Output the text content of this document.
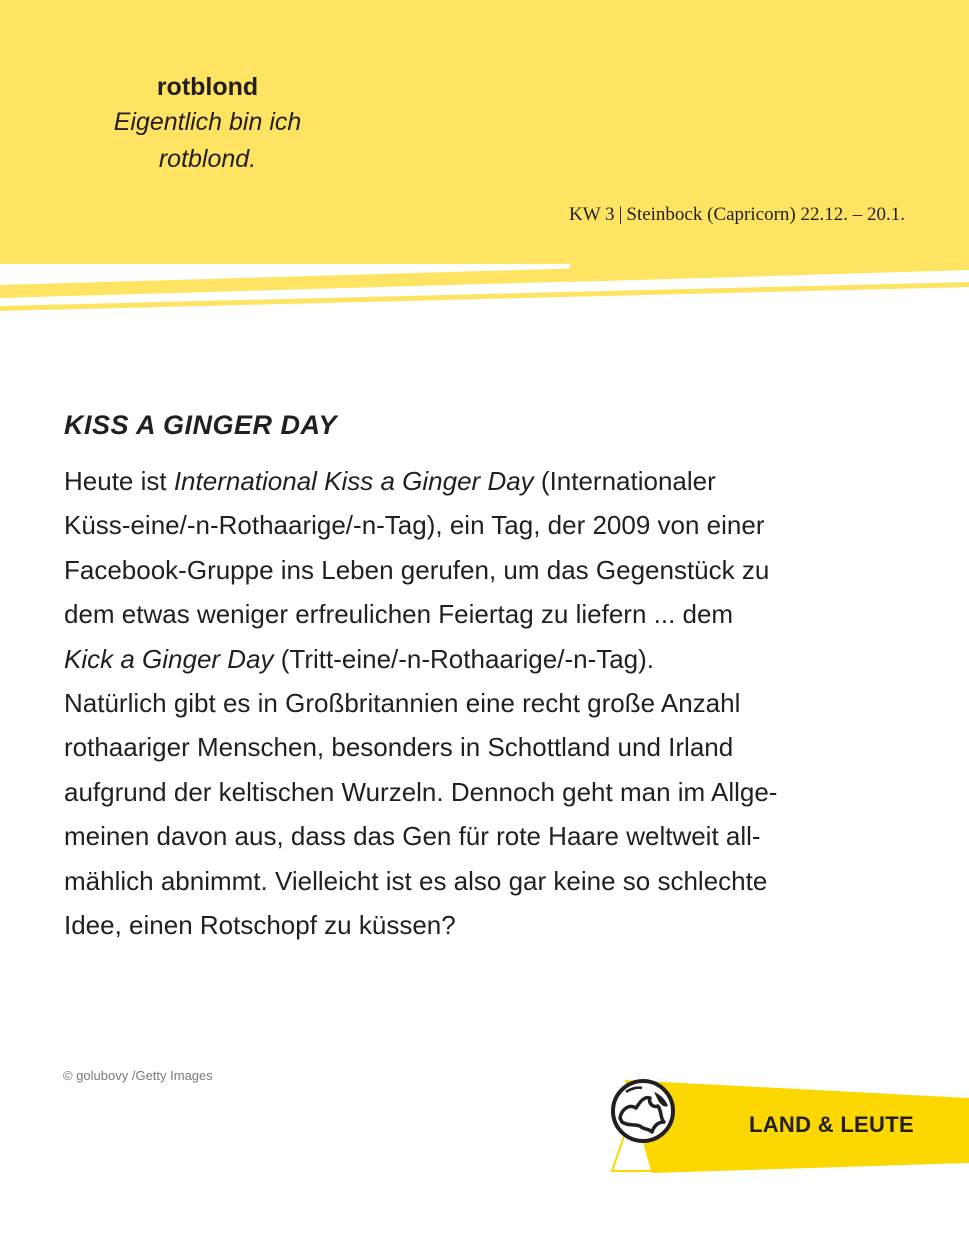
rotblond
Eigentlich bin ich
rotblond.
KW 3 | Steinbock (Capricorn) 22.12. – 20.1.
KISS A GINGER DAY
Heute ist International Kiss a Ginger Day (Internationaler
Küss-eine/-n-Rothaarige/-n-Tag), ein Tag, der 2009 von einer
Facebook-Gruppe ins Leben gerufen, um das Gegenstück zu
dem etwas weniger erfreulichen Feiertag zu liefern ... dem
Kick a Ginger Day (Tritt-eine/-n-Rothaarige/-n-Tag).
Natürlich gibt es in Großbritannien eine recht große Anzahl
rothaariger Menschen, besonders in Schottland und Irland
aufgrund der keltischen Wurzeln. Dennoch geht man im Allge-
meinen davon aus, dass das Gen für rote Haare weltweit all-
mählich abnimmt. Vielleicht ist es also gar keine so schlechte
Idee, einen Rotschopf zu küssen?
© golubovy /Getty Images
LAND & LEUTE
